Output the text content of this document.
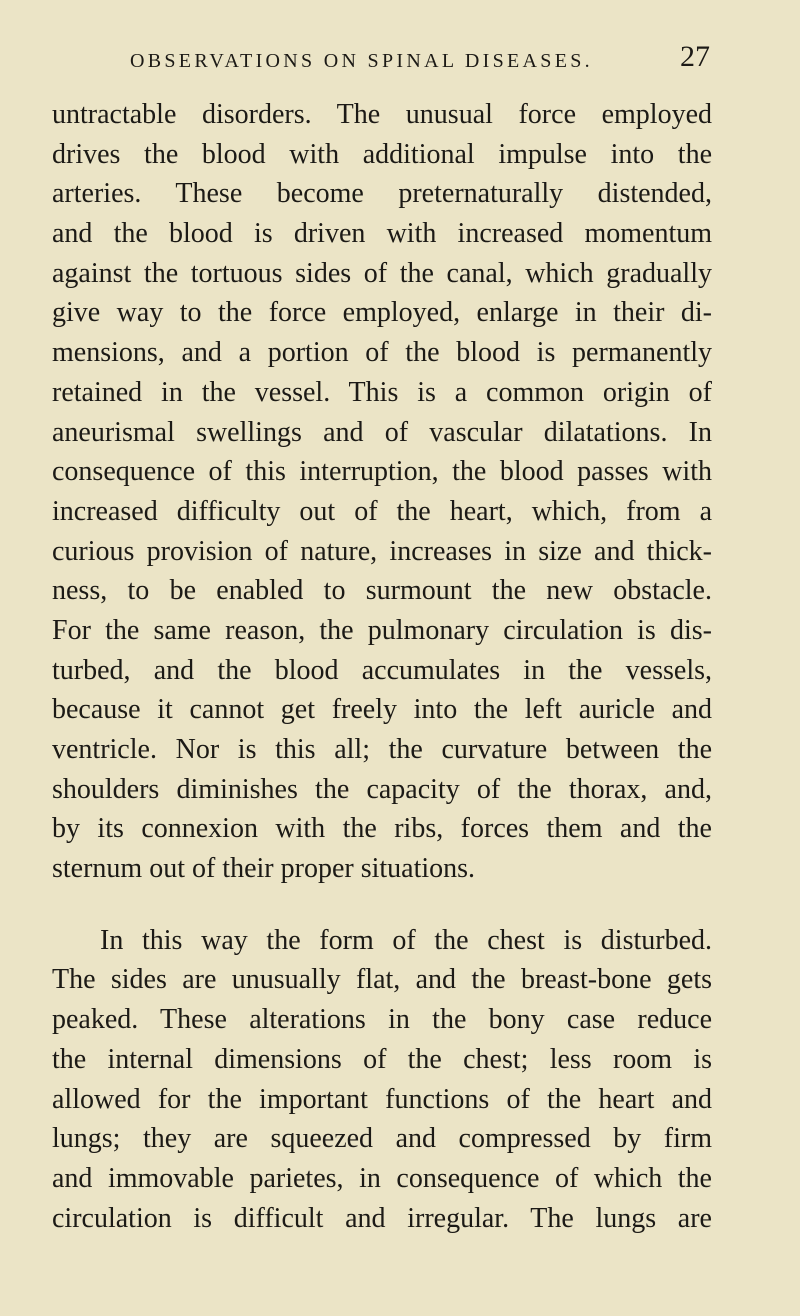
OBSERVATIONS ON SPINAL DISEASES.	27
untractable disorders. The unusual force employed
drives the blood with additional impulse into the
arteries. These become preternaturally distended,
and the blood is driven with increased momentum
against the tortuous sides of the canal, which gradually
give way to the force employed, enlarge in their di-
mensions, and a portion of the blood is permanently
retained in the vessel. This is a common origin of
aneurismal swellings and of vascular dilatations. In
consequence of this interruption, the blood passes with
increased difficulty out of the heart, which, from a
curious provision of nature, increases in size and thick-
ness, to be enabled to surmount the new obstacle.
For the same reason, the pulmonary circulation is dis-
turbed, and the blood accumulates in the vessels,
because it cannot get freely into the left auricle and
ventricle. Nor is this all; the curvature between the
shoulders diminishes the capacity of the thorax, and,
by its connexion with the ribs, forces them and the
sternum out of their proper situations.
In this way the form of the chest is disturbed.
The sides are unusually flat, and the breast-bone gets
peaked. These alterations in the bony case reduce
the internal dimensions of the chest; less room is
allowed for the important functions of the heart and
lungs; they are squeezed and compressed by firm
and immovable parietes, in consequence of which the
circulation is difficult and irregular. The lungs are
